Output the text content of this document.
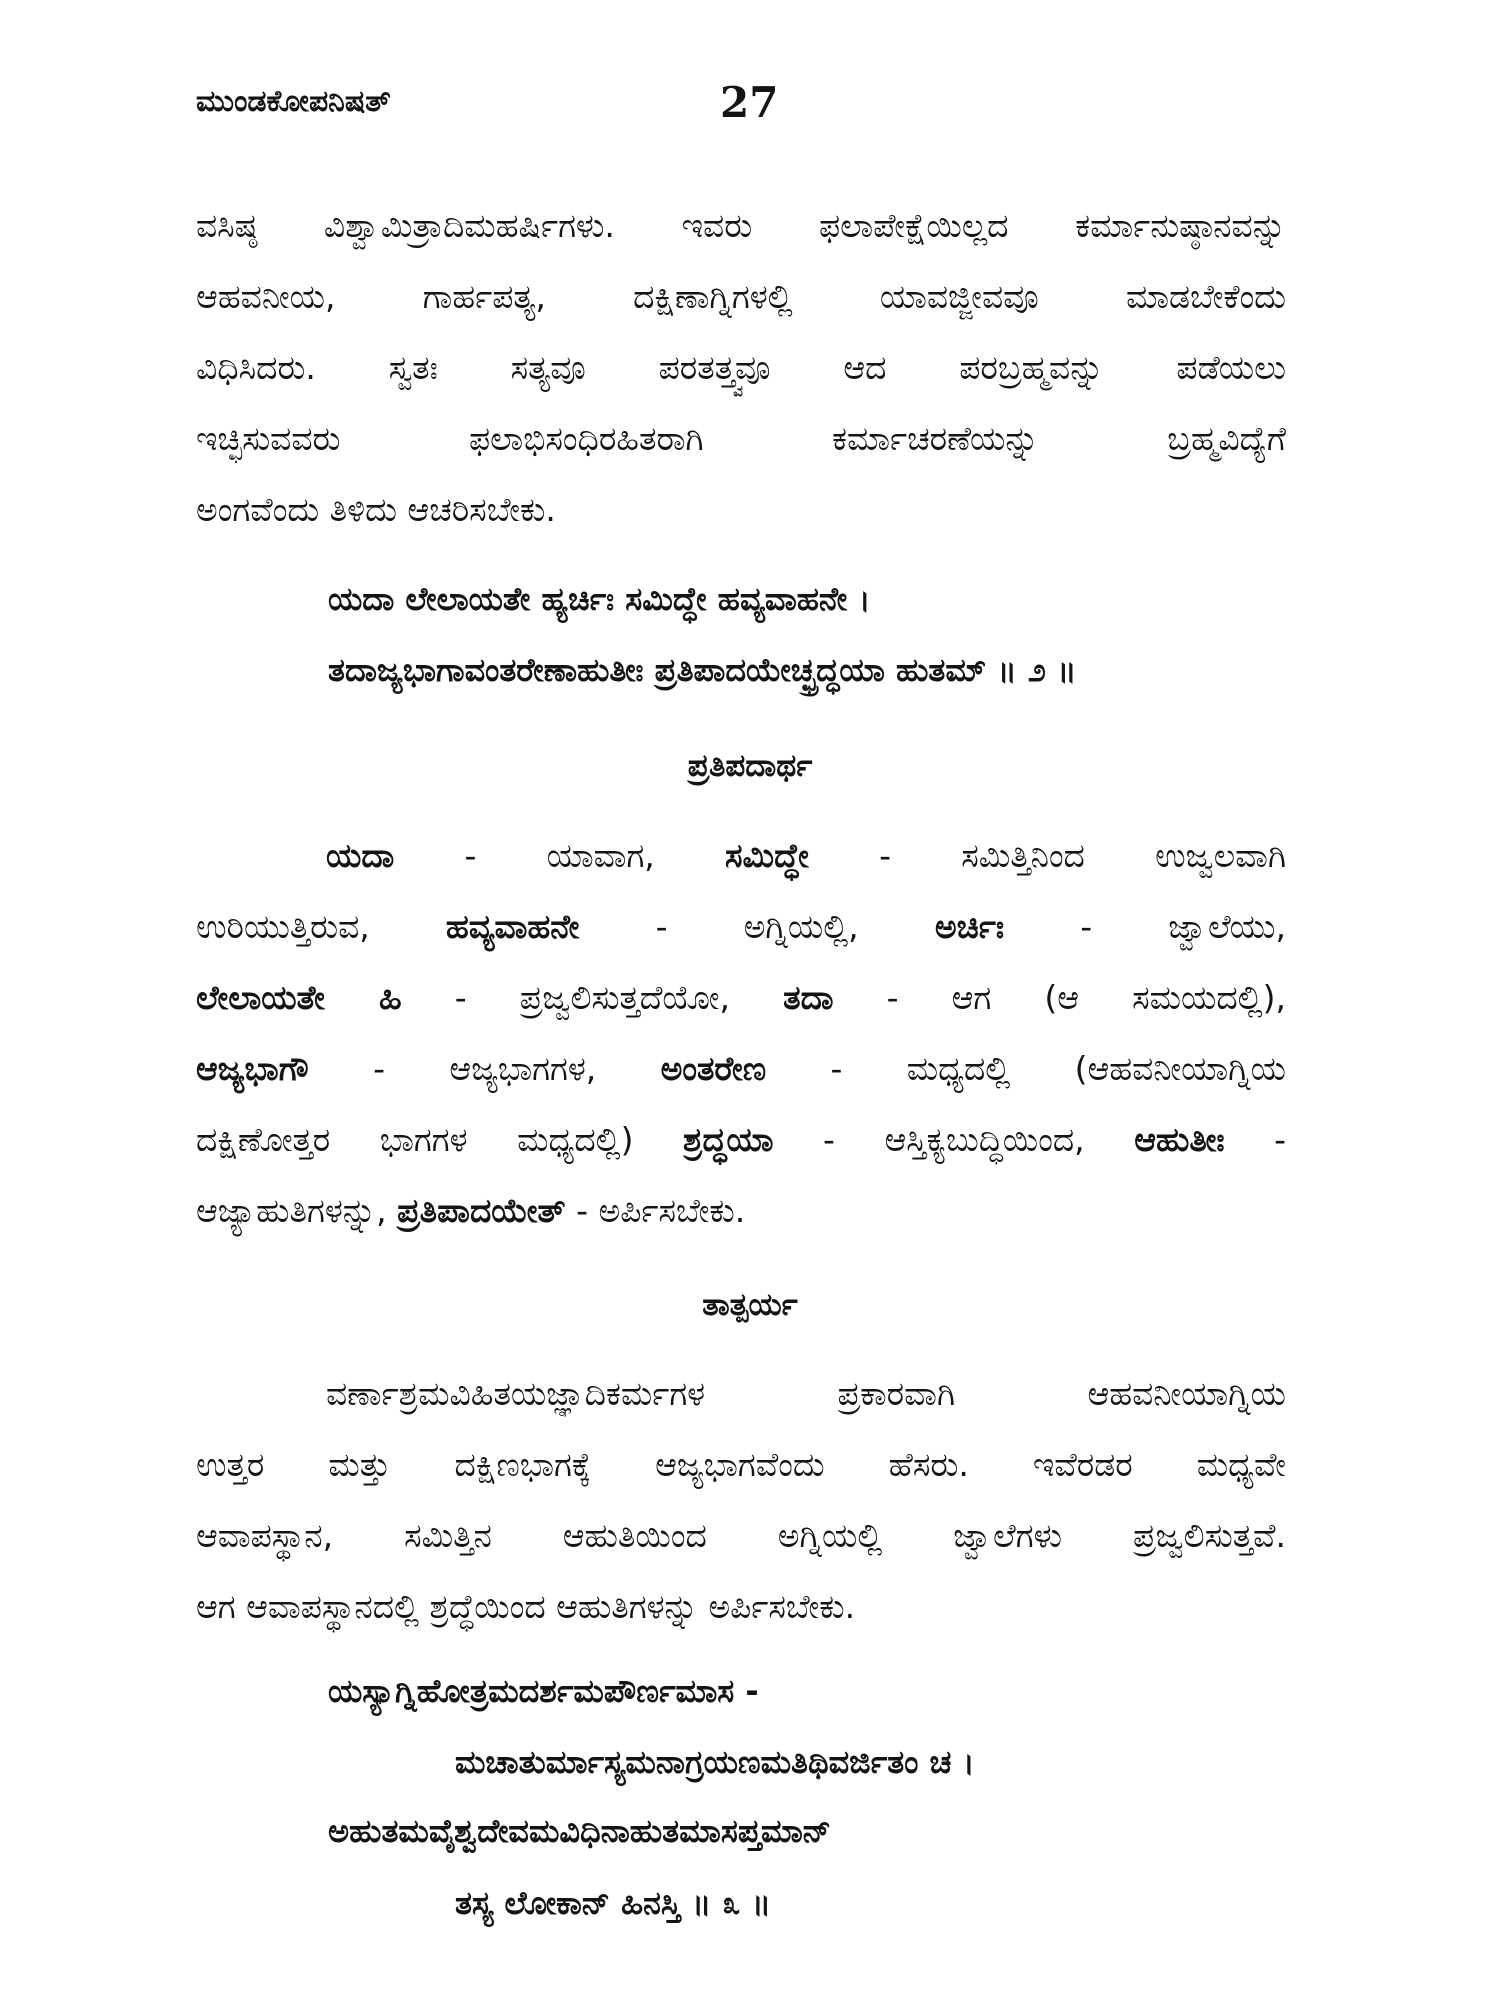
ಮುಂಡಕೋಪನಿಷತ್	27
ವಸಿಷ್ಠ ವಿಶ್ವಾಮಿತ್ರಾದಿಮಹರ್ಷಿಗಳು. ಇವರು ಫಲಾಪೇಕ್ಷೆಯಿಲ್ಲದ ಕರ್ಮಾನುಷ್ಠಾನವನ್ನು
ಆಹವನೀಯ, ಗಾರ್ಹಪತ್ಯ, ದಕ್ಷಿಣಾಗ್ನಿಗಳಲ್ಲಿ ಯಾವಜ್ಜೀವವೂ ಮಾಡಬೇಕೆಂದು
ವಿಧಿಸಿದರು. ಸ್ವತಃ ಸತ್ಯವೂ ಪರತತ್ತ್ವವೂ ಆದ ಪರಬ್ರಹ್ಮವನ್ನು ಪಡೆಯಲು
ಇಚ್ಛಿಸುವವರು ಫಲಾಭಿಸಂಧಿರಹಿತರಾಗಿ ಕರ್ಮಾಚರಣೆಯನ್ನು ಬ್ರಹ್ಮವಿದ್ಯೆಗೆ
ಅಂಗವೆಂದು ತಿಳಿದು ಆಚರಿಸಬೇಕು.
ಯದಾ ಲೇಲಾಯತೇ ಹ್ಯರ್ಚಿಃ ಸಮಿದ್ಧೇ ಹವ್ಯವಾಹನೇ ।
ತದಾಜ್ಯಭಾಗಾವಂತರೇಣಾಹುತೀಃ ಪ್ರತಿಪಾದಯೇಚ್ಛ್ರದ್ಧಯಾ ಹುತಮ್ ॥ ೨ ॥
ಪ್ರತಿಪದಾರ್ಥ
ಯದಾ - ಯಾವಾಗ, ಸಮಿದ್ಧೇ - ಸಮಿತ್ತಿನಿಂದ ಉಜ್ವಲವಾಗಿ
ಉರಿಯುತ್ತಿರುವ, ಹವ್ಯವಾಹನೇ - ಅಗ್ನಿಯಲ್ಲಿ, ಅರ್ಚಿಃ - ಜ್ವಾಲೆಯು,
ಲೇಲಾಯತೇ ಹಿ - ಪ್ರಜ್ವಲಿಸುತ್ತದೆಯೋ, ತದಾ - ಆಗ (ಆ ಸಮಯದಲ್ಲಿ),
ಆಜ್ಯಭಾಗೌ - ಆಜ್ಯಭಾಗಗಳ, ಅಂತರೇಣ - ಮಧ್ಯದಲ್ಲಿ (ಆಹವನೀಯಾಗ್ನಿಯ
ದಕ್ಷಿಣೋತ್ತರ ಭಾಗಗಳ ಮಧ್ಯದಲ್ಲಿ) ಶ್ರದ್ಧಯಾ - ಆಸ್ತಿಕ್ಯಬುದ್ಧಿಯಿಂದ, ಆಹುತೀಃ -
ಆಜ್ಯಾಹುತಿಗಳನ್ನು, ಪ್ರತಿಪಾದಯೇತ್ - ಅರ್ಪಿಸಬೇಕು.
ತಾತ್ಪರ್ಯ
ವರ್ಣಾಶ್ರಮವಿಹಿತಯಜ್ಞಾದಿಕರ್ಮಗಳ ಪ್ರಕಾರವಾಗಿ ಆಹವನೀಯಾಗ್ನಿಯ
ಉತ್ತರ ಮತ್ತು ದಕ್ಷಿಣಭಾಗಕ್ಕೆ ಆಜ್ಯಭಾಗವೆಂದು ಹೆಸರು. ಇವೆರಡರ ಮಧ್ಯವೇ
ಆವಾಪಸ್ಥಾನ, ಸಮಿತ್ತಿನ ಆಹುತಿಯಿಂದ ಅಗ್ನಿಯಲ್ಲಿ ಜ್ವಾಲೆಗಳು ಪ್ರಜ್ವಲಿಸುತ್ತವೆ.
ಆಗ ಆವಾಪಸ್ಥಾನದಲ್ಲಿ ಶ್ರದ್ಧೆಯಿಂದ ಆಹುತಿಗಳನ್ನು ಅರ್ಪಿಸಬೇಕು.
ಯಸ್ಯಾಗ್ನಿಹೋತ್ರಮದರ್ಶಮಪೌರ್ಣಮಾಸ -
ಮಚಾತುರ್ಮಾಸ್ಯಮನಾಗ್ರಯಣಮತಿಥಿವರ್ಜಿತಂ ಚ ।
ಅಹುತಮವೈಶ್ವದೇವಮವಿಧಿನಾಹುತಮಾಸಪ್ತಮಾನ್
ತಸ್ಯ ಲೋಕಾನ್ ಹಿನಸ್ತಿ ॥ ೩ ॥
